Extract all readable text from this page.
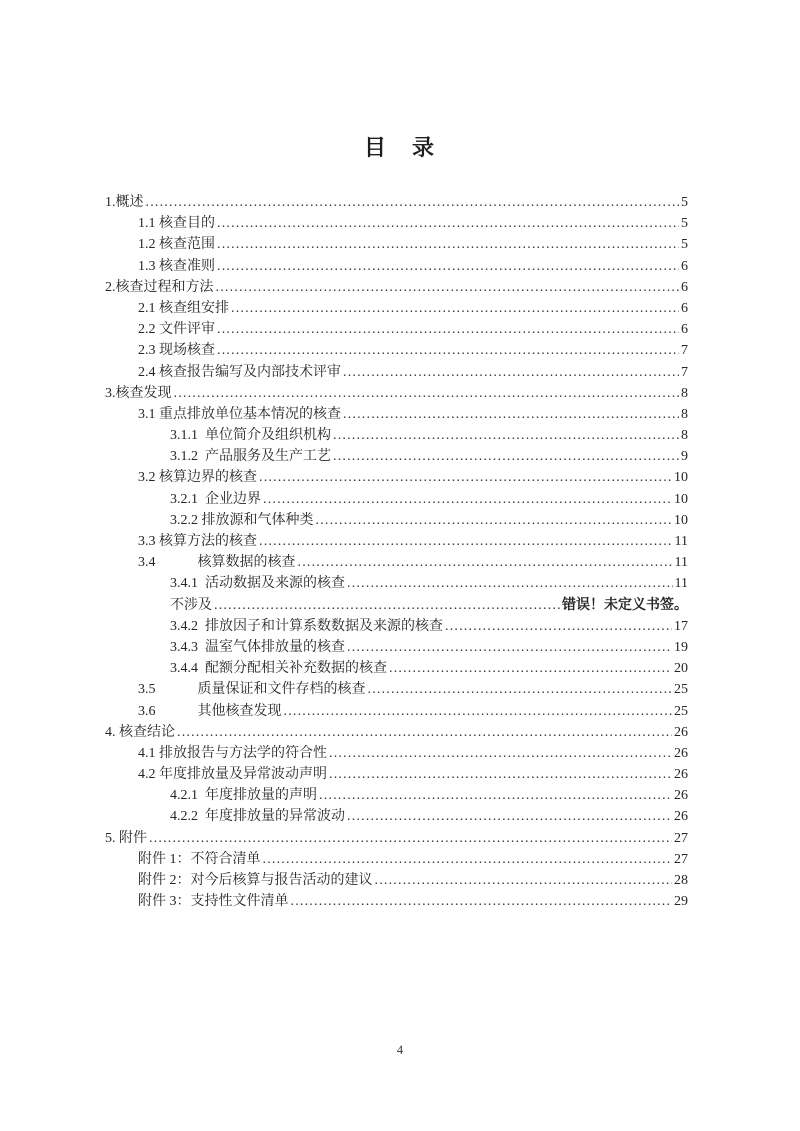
目　录
1.概述 .....	5
1.1 核查目的 .....	5
1.2 核查范围 .....	5
1.3 核查准则 .....	6
2.核查过程和方法 .....	6
2.1 核查组安排 .....	6
2.2 文件评审 .....	6
2.3 现场核查 .....	7
2.4 核查报告编写及内部技术评审 .....	7
3.核查发现 .....	8
3.1 重点排放单位基本情况的核查 .....	8
3.1.1  单位简介及组织机构 .....	8
3.1.2  产品服务及生产工艺 .....	9
3.2 核算边界的核查 .....	10
3.2.1  企业边界 .....	10
3.2.2 排放源和气体种类 .....	10
3.3 核算方法的核查 .....	11
3.4            核算数据的核查 .....	11
3.4.1  活动数据及来源的核查 .....	11
不涉及 .....	错误！未定义书签。
3.4.2  排放因子和计算系数数据及来源的核查 .....	17
3.4.3  温室气体排放量的核查 .....	19
3.4.4  配额分配相关补充数据的核查 .....	20
3.5            质量保证和文件存档的核查 .....	25
3.6            其他核查发现 .....	25
4. 核查结论 .....	26
4.1 排放报告与方法学的符合性 .....	26
4.2 年度排放量及异常波动声明 .....	26
4.2.1  年度排放量的声明 .....	26
4.2.2  年度排放量的异常波动 .....	26
5. 附件 .....	27
附件 1：不符合清单 .....	27
附件 2：对今后核算与报告活动的建议 .....	28
附件 3：支持性文件清单 .....	29
4
